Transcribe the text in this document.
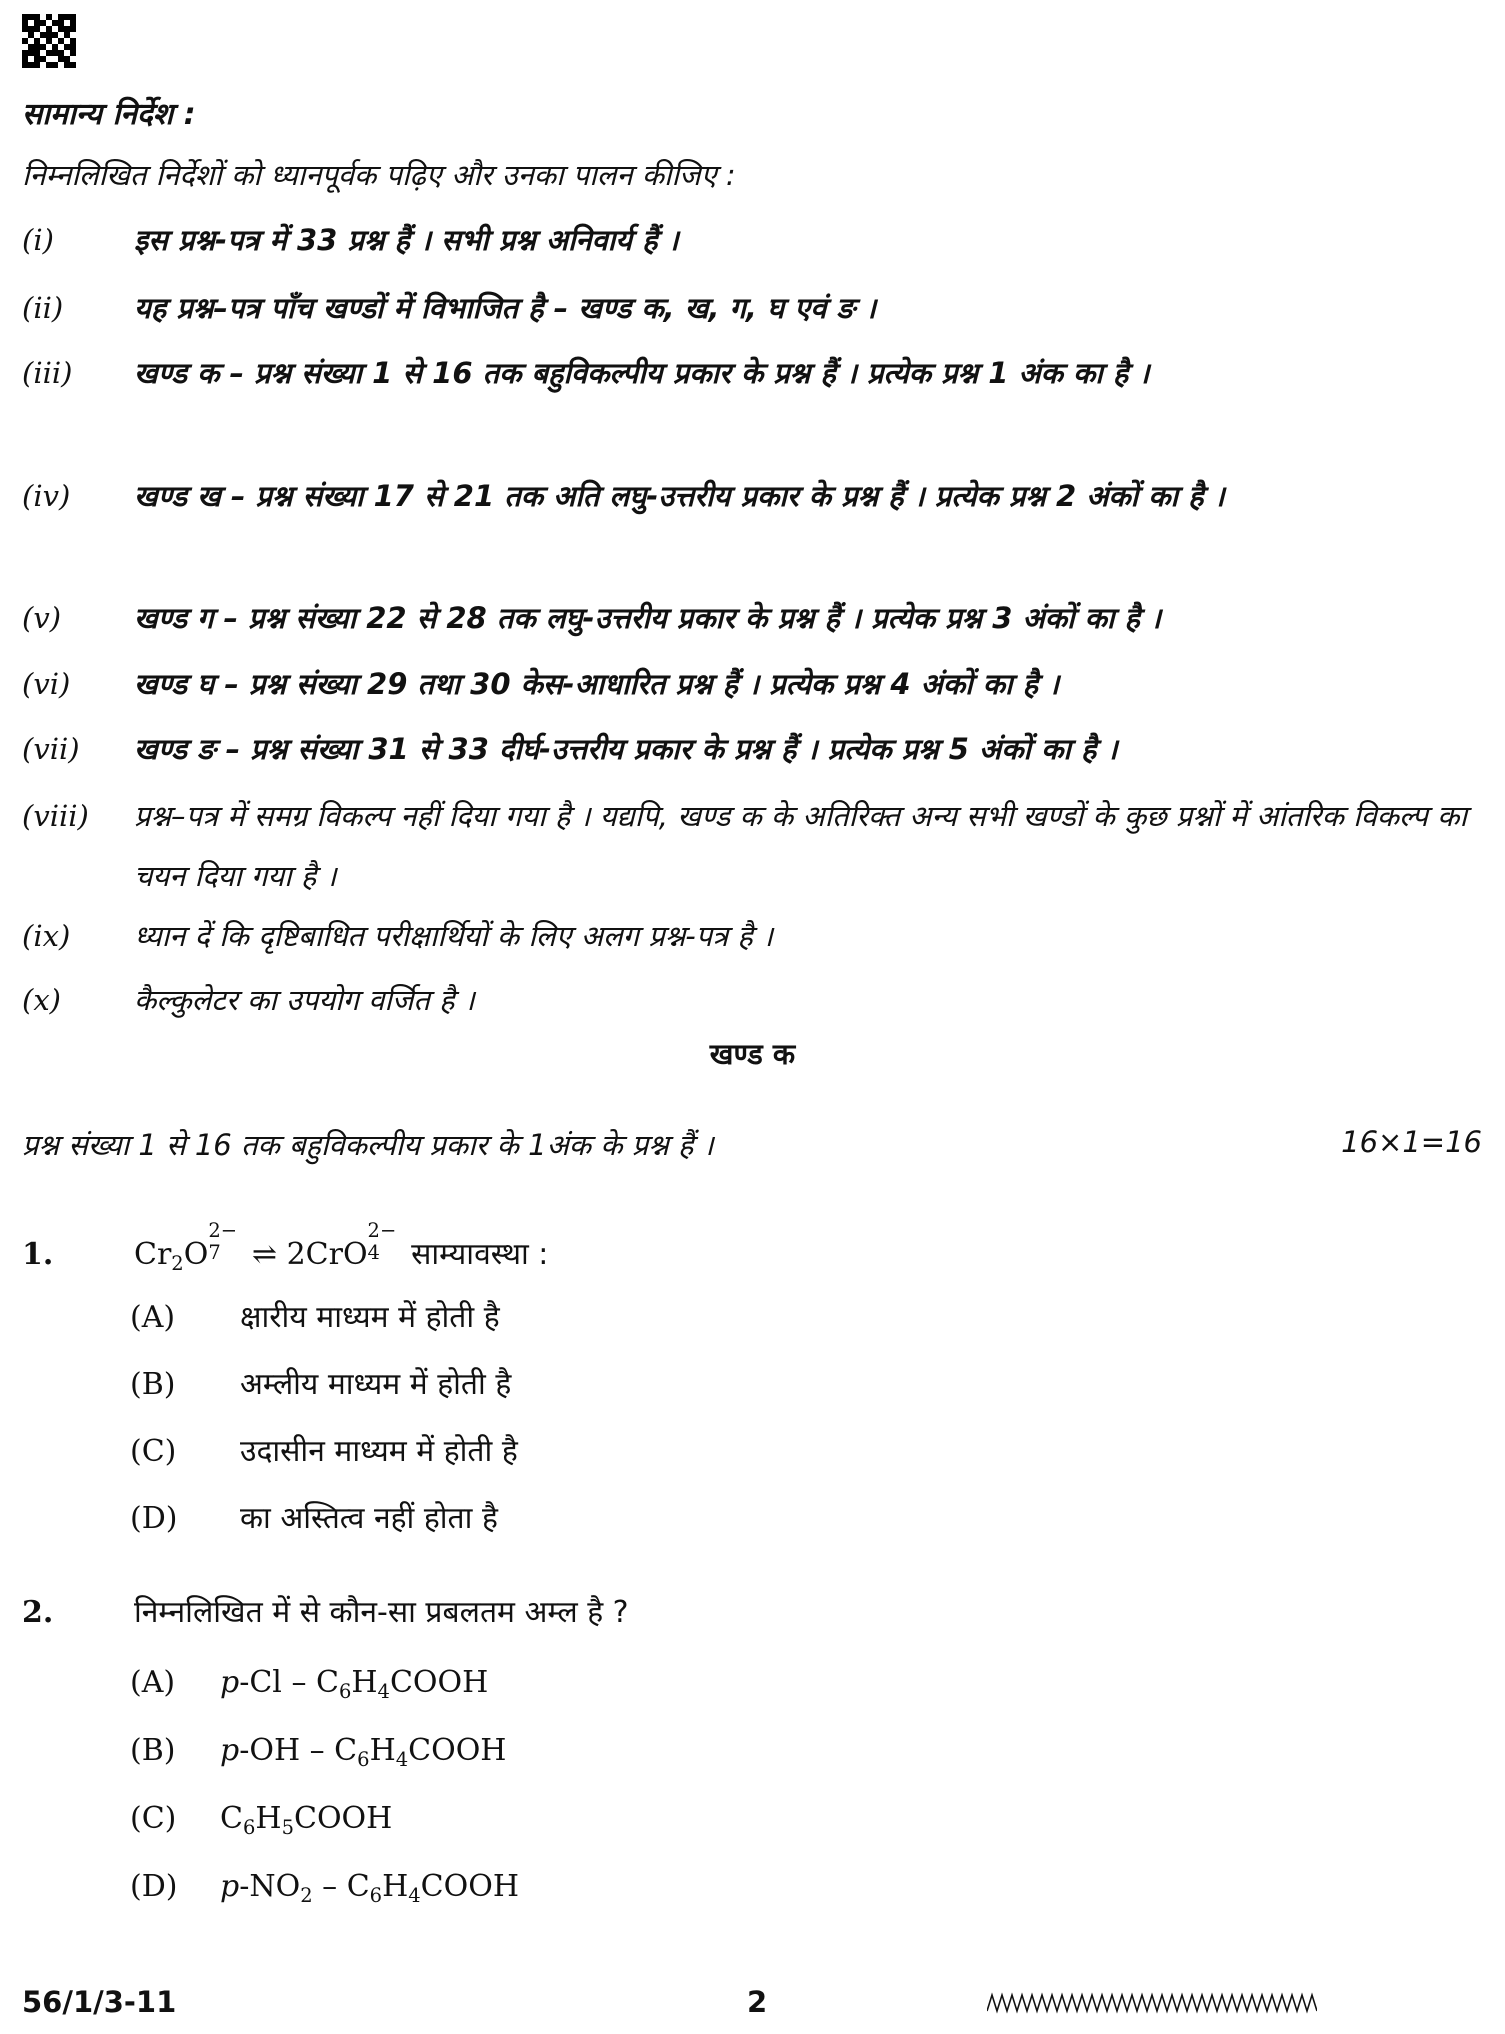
सामान्य निर्देश :
निम्नलिखित निर्देशों को ध्यानपूर्वक पढ़िए और उनका पालन कीजिए :
(i)	इस प्रश्न-पत्र में 33 प्रश्न हैं । सभी प्रश्न अनिवार्य हैं ।
(ii)	यह प्रश्न–पत्र पाँच खण्डों में विभाजित है – खण्ड क, ख, ग, घ एवं ङ ।
(iii)	खण्ड क – प्रश्न संख्या 1 से 16 तक बहुविकल्पीय प्रकार के प्रश्न हैं । प्रत्येक प्रश्न 1 अंक का है ।
(iv)	खण्ड ख – प्रश्न संख्या 17 से 21 तक अति लघु-उत्तरीय प्रकार के प्रश्न हैं । प्रत्येक प्रश्न 2 अंकों का है ।
(v)	खण्ड ग – प्रश्न संख्या 22 से 28 तक लघु-उत्तरीय प्रकार के प्रश्न हैं । प्रत्येक प्रश्न 3 अंकों का है ।
(vi)	खण्ड घ – प्रश्न संख्या 29 तथा 30 केस-आधारित प्रश्न हैं । प्रत्येक प्रश्न 4 अंकों का है ।
(vii)	खण्ड ङ – प्रश्न संख्या 31 से 33 दीर्घ-उत्तरीय प्रकार के प्रश्न हैं । प्रत्येक प्रश्न 5 अंकों का है ।
(viii)	प्रश्न–पत्र में समग्र विकल्प नहीं दिया गया है । यद्यपि, खण्ड क के अतिरिक्त अन्य सभी खण्डों के कुछ प्रश्नों में आंतरिक विकल्प का चयन दिया गया है ।
(ix)	ध्यान दें कि दृष्टिबाधित परीक्षार्थियों के लिए अलग प्रश्न-पत्र है ।
(x)	कैल्कुलेटर का उपयोग वर्जित है ।
खण्ड क
प्रश्न संख्या 1 से 16 तक बहुविकल्पीय प्रकार के 1अंक के प्रश्न हैं ।	16×1=16
1.	$Cr_2O$
2−
7 ⇌ 2CrO
2−
4 साम्यावस्था :
(A)	क्षारीय माध्यम में होती है
(B)	अम्लीय माध्यम में होती है
(C)	उदासीन माध्यम में होती है
(D)	का अस्तित्व नहीं होता है
2.	निम्नलिखित में से कौन-सा प्रबलतम अम्ल है ?
(A)	$p-Cl - C_6H_4COOH$
(B)	$p-OH - C_6H_4COOH$
(C)	$C_6H_5COOH$
(D)	$p-NO_2$ – $C_6H_4COOH$
56/1/3-11	2
